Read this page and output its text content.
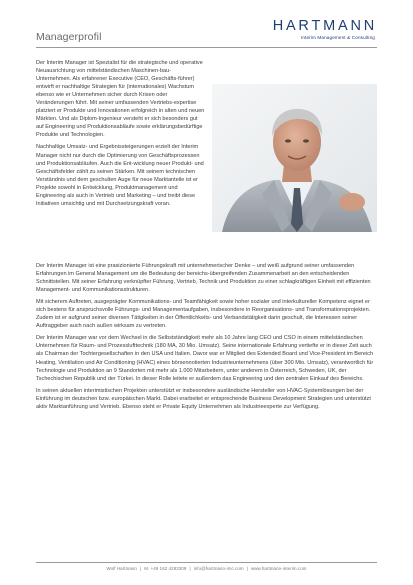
Managerprofil
HARTMANN
Interim Management & Consulting
Der Interim Manager ist Spezialist für die strategische und operative Neuausrichtung von mittelständischen Maschinen-bau-Unternehmen. Als erfahrener Executive (CEO, Geschäfts-führer) entwirft er nachhaltige Strategien für (internationales) Wachstum ebenso wie er Unternehmen sicher durch Krisen oder Veränderungen führt. Mit seiner umfassenden Vertriebs-expertise platziert er Produkte und Innovationen erfolgreich in alten und neuen Märkten. Und als Diplom-Ingenieur versteht er sich besonders gut auf Engineering und Produktionsabläufe sowie erklärungsbedürftige Produkte und Technologien.
Nachhaltige Umsatz- und Ergebnissteigerungen erzielt der Interim Manager nicht nur durch die Optimierung von Geschäftsprozessen und Produktionsabläufen. Auch die Ent-wicklung neuer Produkt- und Geschäftsfelder zählt zu seinen Stärken. Mit seinem technischen Verständnis und dem geschulten Auge für neue Marktanteile ist er Projekte sowohl in Entwicklung, Produktmanagement und Engineering als auch in Vertrieb und Marketing – und treibt diese Initiativen umsichtig und mit Durchsetzungskraft voran.
Der Interim Manager ist eine prasizionierte Führungskraft mit unternehmerischer Denke – und weiß aufgrund seiner umfassenden Erfahrungen im General Management um die Bedeutung der bereichs-übergreifenden Zusammenarbeit an den entscheidenden Schnittstellen. Mit seiner Erfahrung verknüpfter Führung, Vertrieb, Technik und Produktion zu einer schlagkräftigen Einheit mit effizienten Management- und Kommunikationsstrukturen.
Mit sicherem Auftreten, ausgeprägter Kommunikations- und Teamfähigkeit sowie hoher sozialer und interkultureller Kompetenz eignet er sich bestens für anspruchsvolle Führungs- und Managementaufgaben, insbesondere in Reorganisations- und Transformationsprojekten. Zudem ist er aufgrund seiner diversen Tätigkeiten in der Öffentlichkeits- und Verbandstätigkeit darin geschult, die Interessen seiner Auftraggeber auch nach außen wirksam zu vertreten.
Der Interim Manager war vor dem Wechsel in die Selbstständigkeit mehr als 10 Jahre lang CEO und CSO in einem mittelständischen Unternehmen für Raum- und Prozesslufttechnik (180 MA, 30 Mio. Umsatz). Seine internationale Erfahrung vertiefte er in dieser Zeit auch als Chairman der Tochtergesellschaften in den USA und Italien. Davor war er Mitglied des Extended Board und Vice-President im Bereich Heating, Ventilation und Air Conditioning (HVAC) eines börsennotierten Industrieunternehmens (über 300 Mio. Umsatz), verantwortlich für Technologie und Produktion an 9 Standorten mit mehr als 1.000 Mitarbeitern, unter anderem in Österreich, Schweden, UK, der Tschechischen Republik und der Türkei. In dieser Rolle leitete er außerdem das Engineering und den zentralen Einkauf des Bereichs.
In seinen aktuellen interimistischen Projekten unterstützt er insbesondere ausländische Hersteller von HVAC-Systemlösungen bei der Einführung im deutschen bzw. europäischen Markt. Dabei erarbeitet er entsprechende Business Development Strategien und unterstützt aktiv Marktanführung und Vertrieb. Ebenso steht er Private Equity Unternehmen als Industrieexperte zur Verfügung.
Wolf Hartmann | M. +49 162 4283309 | info@hartmann-imc.com | www.hartmann-interim.com
